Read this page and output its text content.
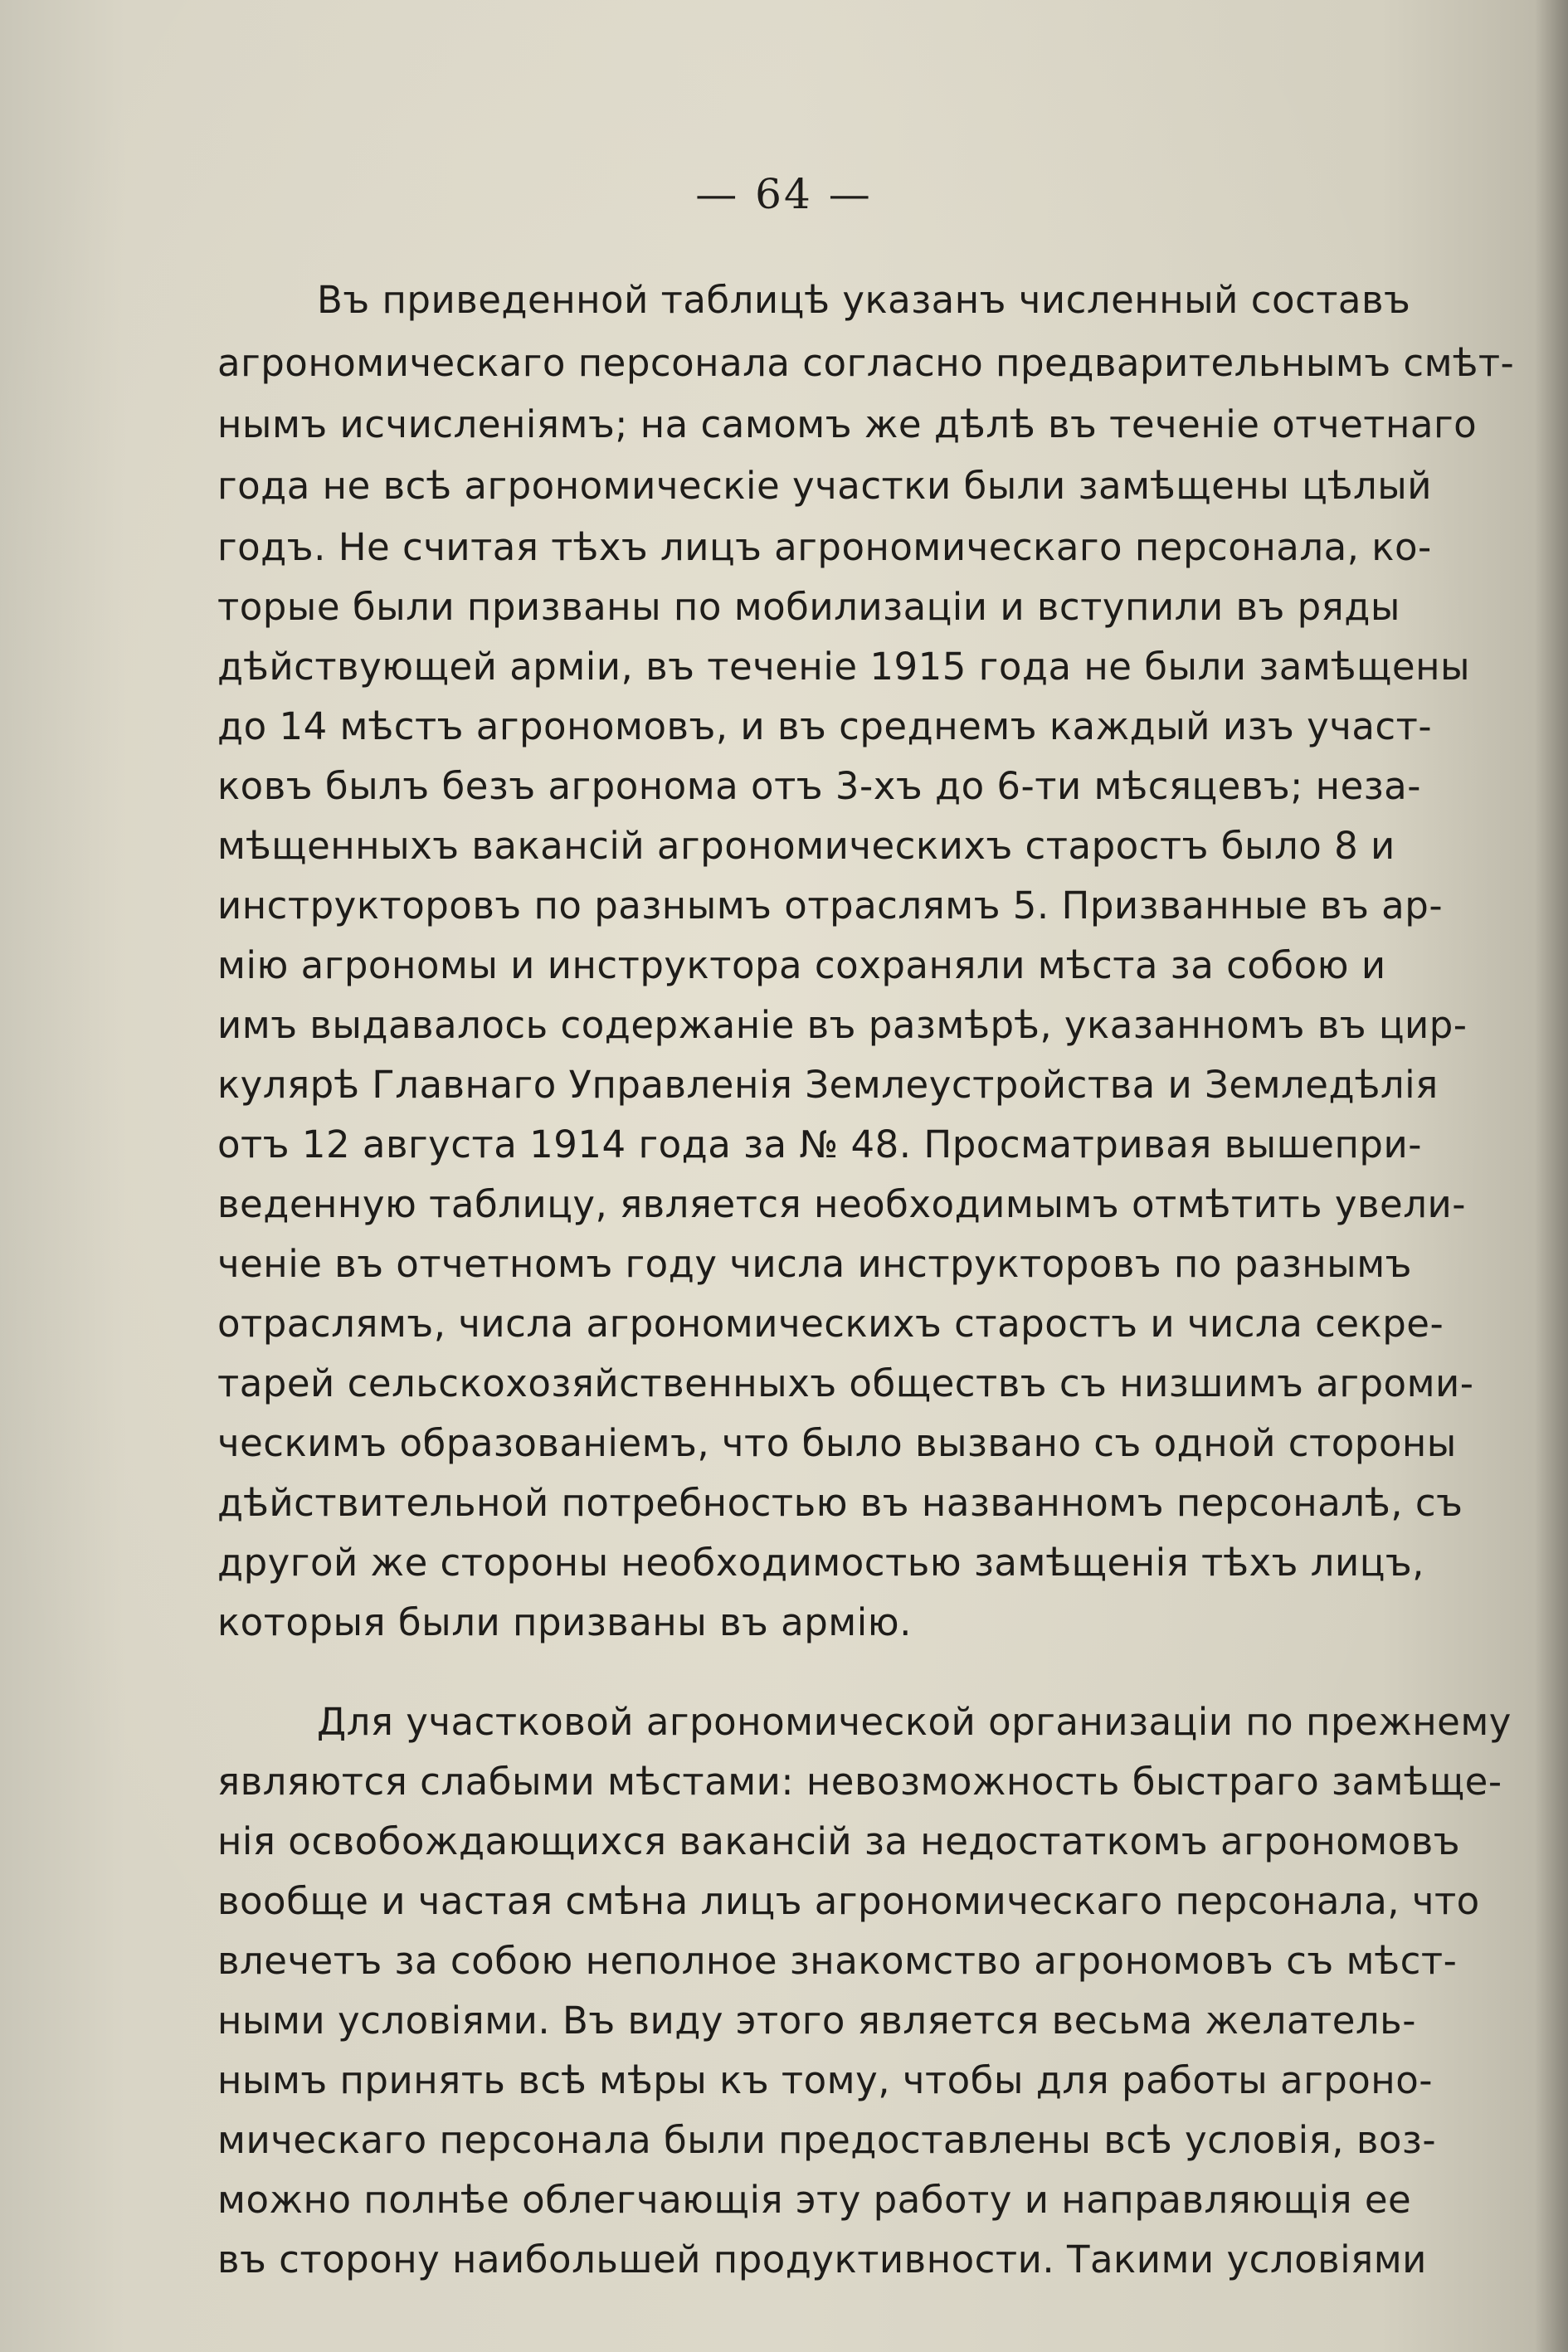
— 64 —
Въ приведенной таблицѣ указанъ численный составъ
агрономическаго персонала согласно предварительнымъ смѣт-
нымъ исчисленіямъ; на самомъ же дѣлѣ въ теченіе отчетнаго
года не всѣ агрономическіе участки были замѣщены цѣлый
годъ. Не считая тѣхъ лицъ агрономическаго персонала, ко-
торые были призваны по мобилизаціи и вступили въ ряды
дѣйствующей арміи, въ теченіе 1915 года не были замѣщены
до 14 мѣстъ агрономовъ, и въ среднемъ каждый изъ участ-
ковъ былъ безъ агронома отъ 3-хъ до 6-ти мѣсяцевъ; неза-
мѣщенныхъ вакансій агрономическихъ старостъ было 8 и
инструкторовъ по разнымъ отраслямъ 5. Призванные въ ар-
мію агрономы и инструктора сохраняли мѣста за собою и
имъ выдавалось содержаніе въ размѣрѣ, указанномъ въ цир-
кулярѣ Главнаго Управленія Землеустройства и Земледѣлія
отъ 12 августа 1914 года за № 48. Просматривая вышепри-
веденную таблицу, является необходимымъ отмѣтить увели-
ченіе въ отчетномъ году числа инструкторовъ по разнымъ
отраслямъ, числа агрономическихъ старостъ и числа секре-
тарей сельскохозяйственныхъ обществъ съ низшимъ агроми-
ческимъ образованіемъ, что было вызвано съ одной стороны
дѣйствительной потребностью въ названномъ персоналѣ, съ
другой же стороны необходимостью замѣщенія тѣхъ лицъ,
которыя были призваны въ армію.
Для участковой агрономической организаціи по прежнему
являются слабыми мѣстами: невозможность быстраго замѣще-
нія освобождающихся вакансій за недостаткомъ агрономовъ
вообще и частая смѣна лицъ агрономическаго персонала, что
влечетъ за собою неполное знакомство агрономовъ съ мѣст-
ными условіями. Въ виду этого является весьма желатель-
нымъ принять всѣ мѣры къ тому, чтобы для работы агроно-
мическаго персонала были предоставлены всѣ условія, воз-
можно полнѣе облегчающія эту работу и направляющія ее
въ сторону наибольшей продуктивности. Такими условіями
